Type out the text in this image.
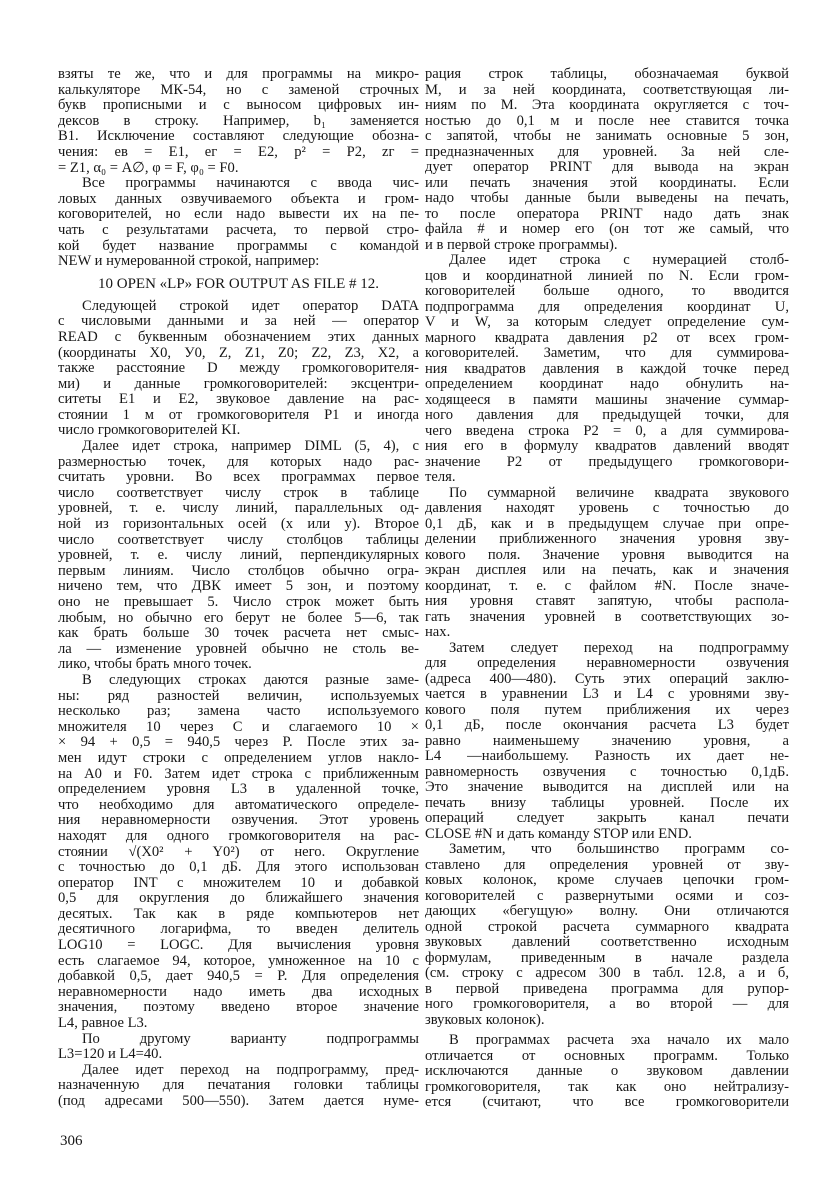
взяты те же, что и для программы на микро-
калькуляторе МК-54, но с заменой строчных
букв прописными и с выносом цифровых ин-
дексов в строку. Например, b₁ заменяется
B1. Исключение составляют следующие обозна-
чения: eв = E1, eг = E2, p² = P2, zг =
= Z1, α₀ = A∅, φ = F, φ₀ = F0.
Все программы начинаются с ввода чис-
ловых данных озвучиваемого объекта и гром-
коговорителей, но если надо вывести их на пе-
чать с результатами расчета, то первой стро-
кой будет название программы с командой
NEW и нумерованной строкой, например:
10 OPEN «LP» FOR OUTPUT AS FILE # 12.
Следующей строкой идет оператор DATA
с числовыми данными и за ней — оператор
READ с буквенным обозначением этих данных
(координаты X0, У0, Z, Z1, Z0; Z2, Z3, X2, а
также расстояние D между громкоговорителя-
ми) и данные громкоговорителей: эксцентри-
ситеты E1 и E2, звуковое давление на рас-
стоянии 1 м от громкоговорителя P1 и иногда
число громкоговорителей KI.
Далее идет строка, например DIML (5, 4), с
размерностью точек, для которых надо рас-
считать уровни. Во всех программах первое
число соответствует числу строк в таблице
уровней, т. е. числу линий, параллельных од-
ной из горизонтальных осей (x или y). Второе
число соответствует числу столбцов таблицы
уровней, т. е. числу линий, перпендикулярных
первым линиям. Число столбцов обычно огра-
ничено тем, что ДВК имеет 5 зон, и поэтому
оно не превышает 5. Число строк может быть
любым, но обычно его берут не более 5—6, так
как брать больше 30 точек расчета нет смыс-
ла — изменение уровней обычно не столь ве-
лико, чтобы брать много точек.
В следующих строках даются разные заме-
ны: ряд разностей величин, используемых
несколько раз; замена часто используемого
множителя 10 через C и слагаемого 10 ×
× 94 + 0,5 = 940,5 через P. После этих за-
мен идут строки с определением углов накло-
на A0 и F0. Затем идет строка с приближенным
определением уровня L3 в удаленной точке,
что необходимо для автоматического определе-
ния неравномерности озвучения. Этот уровень
находят для одного громкоговорителя на рас-
стоянии √(X0² + Y0²) от него. Округление
с точностью до 0,1 дБ. Для этого использован
оператор INT с множителем 10 и добавкой
0,5 для округления до ближайшего значения
десятых. Так как в ряде компьютеров нет
десятичного логарифма, то введен делитель
LOG10 = LOGC. Для вычисления уровня
есть слагаемое 94, которое, умноженное на 10 с
добавкой 0,5, дает 940,5 = P. Для определения
неравномерности надо иметь два исходных
значения, поэтому введено второе значение
L4, равное L3.
По другому варианту подпрограммы
L3=120 и L4=40.
Далее идет переход на подпрограмму, пред-
назначенную для печатания головки таблицы
(под адресами 500—550). Затем дается нуме-
рация строк таблицы, обозначаемая буквой
M, и за ней координата, соответствующая ли-
ниям по M. Эта координата округляется с точ-
ностью до 0,1 м и после нее ставится точка
с запятой, чтобы не занимать основные 5 зон,
предназначенных для уровней. За ней сле-
дует оператор PRINT для вывода на экран
или печать значения этой координаты. Если
надо чтобы данные были выведены на печать,
то после оператора PRINT надо дать знак
файла # и номер его (он тот же самый, что
и в первой строке программы).
Далее идет строка с нумерацией столб-
цов и координатной линией по N. Если гром-
коговорителей больше одного, то вводится
подпрограмма для определения координат U,
V и W, за которым следует определение сум-
марного квадрата давления p2 от всех гром-
коговорителей. Заметим, что для суммирова-
ния квадратов давления в каждой точке перед
определением координат надо обнулить на-
ходящееся в памяти машины значение суммар-
ного давления для предыдущей точки, для
чего введена строка P2 = 0, а для суммирова-
ния его в формулу квадратов давлений вводят
значение P2 от предыдущего громкоговори-
теля.
По суммарной величине квадрата звукового
давления находят уровень с точностью до
0,1 дБ, как и в предыдущем случае при опре-
делении приближенного значения уровня зву-
кового поля. Значение уровня выводится на
экран дисплея или на печать, как и значения
координат, т. е. с файлом #N. После значе-
ния уровня ставят запятую, чтобы распола-
гать значения уровней в соответствующих зо-
нах.
Затем следует переход на подпрограмму
для определения неравномерности озвучения
(адреса 400—480). Суть этих операций заклю-
чается в уравнении L3 и L4 с уровнями зву-
кового поля путем приближения их через
0,1 дБ, после окончания расчета L3 будет
равно наименьшему значению уровня, а
L4 —наибольшему. Разность их дает не-
равномерность озвучения с точностью 0,1дБ.
Это значение выводится на дисплей или на
печать внизу таблицы уровней. После их
операций следует закрыть канал печати
CLOSE #N и дать команду STOP или END.
Заметим, что большинство программ со-
ставлено для определения уровней от зву-
ковых колонок, кроме случаев цепочки гром-
коговорителей с развернутыми осями и соз-
дающих «бегущую» волну. Они отличаются
одной строкой расчета суммарного квадрата
звуковых давлений соответственно исходным
формулам, приведенным в начале раздела
(см. строку с адресом 300 в табл. 12.8, а и б,
в первой приведена программа для рупор-
ного громкоговорителя, а во второй — для
звуковых колонок).
В программах расчета эха начало их мало
отличается от основных программ. Только
исключаются данные о звуковом давлении
громкоговорителя, так как оно нейтрализу-
ется (считают, что все громкоговорители
306
